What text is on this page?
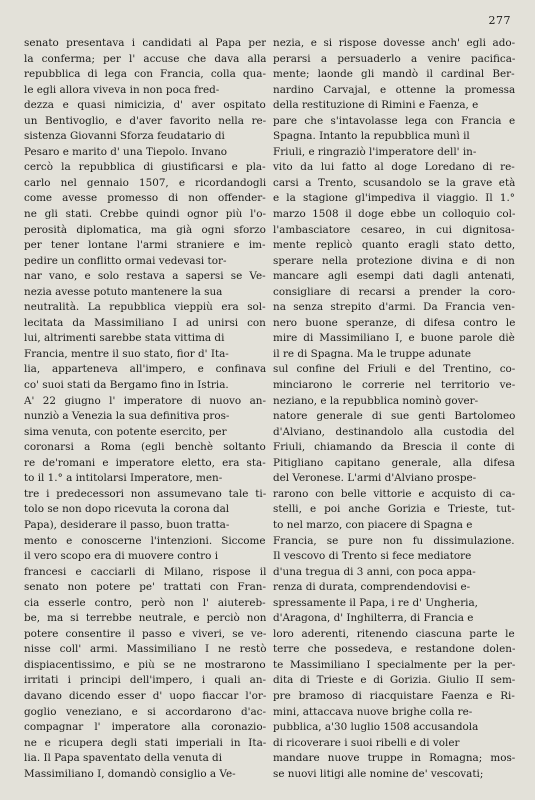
277
senato presentava i candidati al Papa per
la conferma; per l' accuse che dava alla
repubblica di lega con Francia, colla qua-
le egli allora viveva in non poca fred-
dezza e quasi nimicizia, d' aver ospitato
un Bentivoglio, e d'aver favorito nella re-
sistenza Giovanni Sforza feudatario di
Pesaro e marito d' una Tiepolo. Invano
cercò la repubblica di giustificarsi e pla-
carlo nel gennaio 1507, e ricordandogli
come avesse promesso di non offender-
ne gli stati. Crebbe quindi ognor più l'o-
perosità diplomatica, ma già ogni sforzo
per tener lontane l'armi straniere e im-
pedire un conflitto ormai vedevasi tor-
nar vano, e solo restava a sapersi se Ve-
nezia avesse potuto mantenere la sua
neutralità. La repubblica vieppiù era sol-
lecitata da Massimiliano I ad unirsi con
lui, altrimenti sarebbe stata vittima di
Francia, mentre il suo stato, fior d' Ita-
lia, apparteneva all'impero, e confinava
co' suoi stati da Bergamo fino in Istria.
A' 22 giugno l' imperatore di nuovo an-
nunziò a Venezia la sua definitiva pros-
sima venuta, con potente esercito, per
coronarsi a Roma (egli benchè soltanto
re de'romani e imperatore eletto, era sta-
to il 1.° a intitolarsi Imperatore, men-
tre i predecessori non assumevano tale ti-
tolo se non dopo ricevuta la corona dal
Papa), desiderare il passo, buon tratta-
mento e conoscerne l'intenzioni. Siccome
il vero scopo era di muovere contro i
francesi e cacciarli di Milano, rispose il
senato non potere pe' trattati con Fran-
cia esserle contro, però non l' aiutereb-
be, ma si terrebbe neutrale, e perciò non
potere consentire il passo e viveri, se ve-
nisse coll' armi. Massimiliano I ne restò
dispiacentissimo, e più se ne mostrarono
irritati i principi dell'impero, i quali an-
davano dicendo esser d' uopo fiaccar l'or-
goglio veneziano, e si accordarono d'ac-
compagnar l' imperatore alla coronazio-
ne e ricupera degli stati imperiali in Ita-
lia. Il Papa spaventato della venuta di
Massimiliano I, domandò consiglio a Ve-
nezia, e si rispose dovesse anch' egli ado-
perarsi a persuaderlo a venire pacifica-
mente; laonde gli mandò il cardinal Ber-
nardino Carvajal, e ottenne la promessa
della restituzione di Rimini e Faenza, e
pare che s'intavolasse lega con Francia e
Spagna. Intanto la repubblica munì il
Friuli, e ringraziò l'imperatore dell' in-
vito da lui fatto al doge Loredano di re-
carsi a Trento, scusandolo se la grave età
e la stagione gl'impediva il viaggio. Il 1.°
marzo 1508 il doge ebbe un colloquio col-
l'ambasciatore cesareo, in cui dignitosa-
mente replicò quanto eragli stato detto,
sperare nella protezione divina e di non
mancare agli esempi dati dagli antenati,
consigliare di recarsi a prender la coro-
na senza strepito d'armi. Da Francia ven-
nero buone speranze, di difesa contro le
mire di Massimiliano I, e buone parole diè
il re di Spagna. Ma le truppe adunate
sul confine del Friuli e del Trentino, co-
minciarono le correrie nel territorio ve-
neziano, e la repubblica nominò gover-
natore generale di sue genti Bartolomeo
d'Alviano, destinandolo alla custodia del
Friuli, chiamando da Brescia il conte di
Pitigliano capitano generale, alla difesa
del Veronese. L'armi d'Alviano prospe-
rarono con belle vittorie e acquisto di ca-
stelli, e poi anche Gorizia e Trieste, tut-
to nel marzo, con piacere di Spagna e
Francia, se pure non fu dissimulazione.
Il vescovo di Trento si fece mediatore
d'una tregua di 3 anni, con poca appa-
renza di durata, comprendendovisi e-
spressamente il Papa, i re d' Ungheria,
d'Aragona, d' Inghilterra, di Francia e
loro aderenti, ritenendo ciascuna parte le
terre che possedeva, e restandone dolen-
te Massimiliano I specialmente per la per-
dita di Trieste e di Gorizia. Giulio II sem-
pre bramoso di riacquistare Faenza e Ri-
mini, attaccava nuove brighe colla re-
pubblica, a'30 luglio 1508 accusandola
di ricoverare i suoi ribelli e di voler
mandare nuove truppe in Romagna; mos-
se nuovi litigi alle nomine de' vescovati;
